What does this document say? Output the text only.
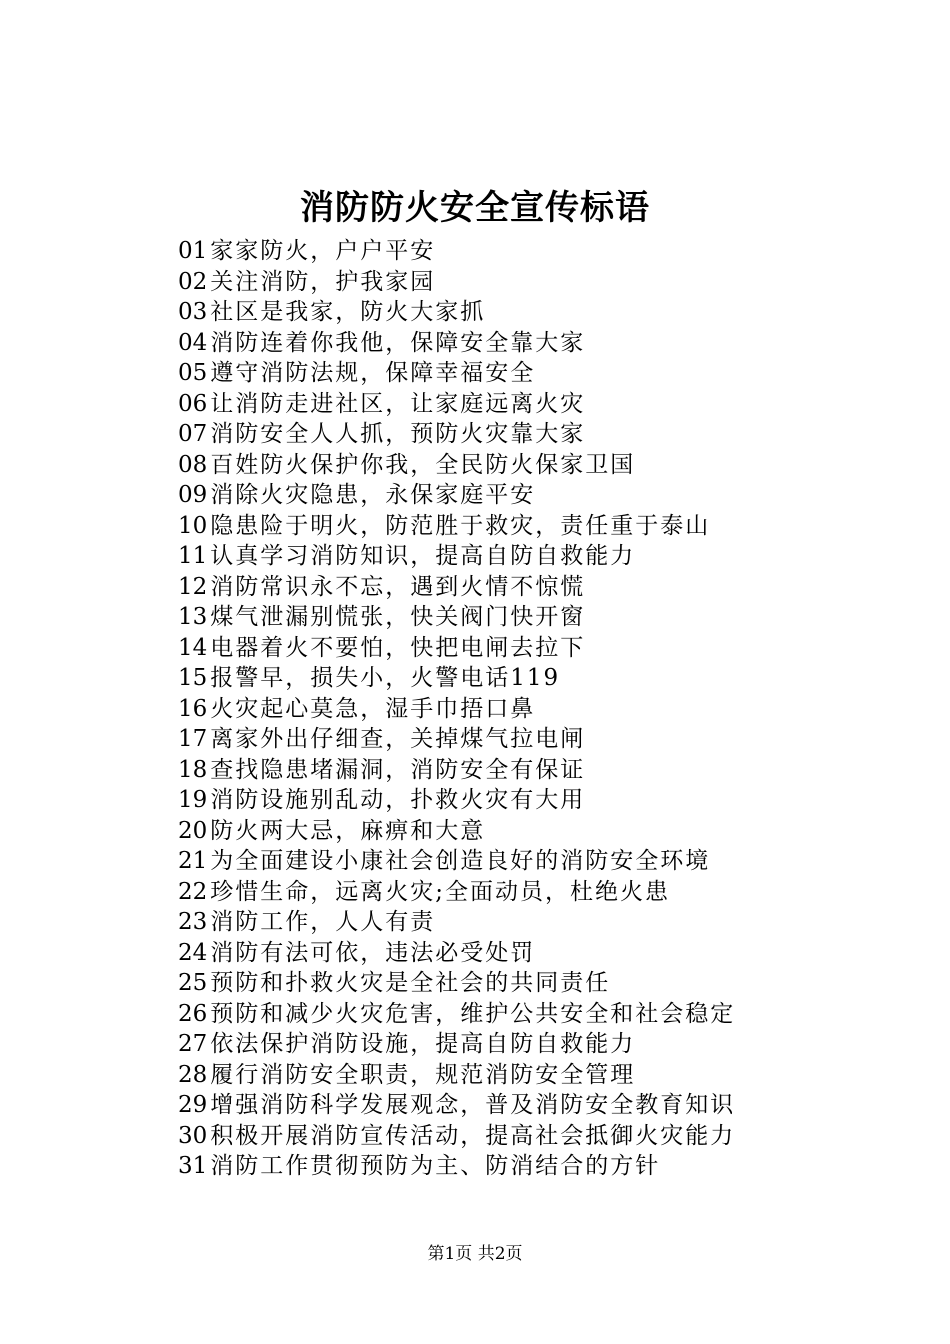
消防防火安全宣传标语
01 家家防火，户户平安
02 关注消防，护我家园
03 社区是我家，防火大家抓
04 消防连着你我他，保障安全靠大家
05 遵守消防法规，保障幸福安全
06 让消防走进社区，让家庭远离火灾
07 消防安全人人抓，预防火灾靠大家
08 百姓防火保护你我，全民防火保家卫国
09 消除火灾隐患，永保家庭平安
10 隐患险于明火，防范胜于救灾，责任重于泰山
11 认真学习消防知识，提高自防自救能力
12 消防常识永不忘，遇到火情不惊慌
13 煤气泄漏别慌张，快关阀门快开窗
14 电器着火不要怕，快把电闸去拉下
15 报警早，损失小，火警电话119
16 火灾起心莫急，湿手巾捂口鼻
17 离家外出仔细查，关掉煤气拉电闸
18 查找隐患堵漏洞，消防安全有保证
19 消防设施别乱动，扑救火灾有大用
20 防火两大忌，麻痹和大意
21 为全面建设小康社会创造良好的消防安全环境
22 珍惜生命，远离火灾;全面动员，杜绝火患
23 消防工作，人人有责
24 消防有法可依，违法必受处罚
25 预防和扑救火灾是全社会的共同责任
26 预防和减少火灾危害，维护公共安全和社会稳定
27 依法保护消防设施，提高自防自救能力
28 履行消防安全职责，规范消防安全管理
29 增强消防科学发展观念，普及消防安全教育知识
30 积极开展消防宣传活动，提高社会抵御火灾能力
31 消防工作贯彻预防为主、防消结合的方针
第1页 共2页
